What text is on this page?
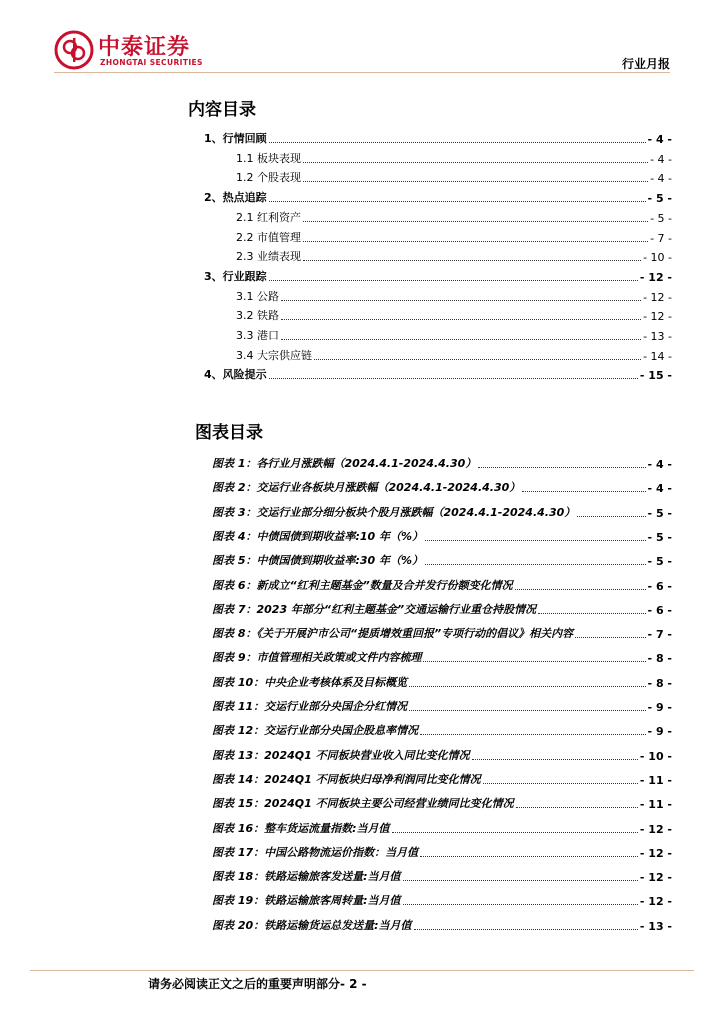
中泰证券
ZHONGTAI SECURITIES	行业月报
内容目录
1、行情回顾	- 4 -
1.1 板块表现	- 4 -
1.2 个股表现	- 4 -
2、热点追踪	- 5 -
2.1 红利资产	- 5 -
2.2 市值管理	- 7 -
2.3 业绩表现	- 10 -
3、行业跟踪	- 12 -
3.1 公路	- 12 -
3.2 铁路	- 12 -
3.3 港口	- 13 -
3.4 大宗供应链	- 14 -
4、风险提示	- 15 -
图表目录
图表 1：各行业月涨跌幅（2024.4.1-2024.4.30）	- 4 -
图表 2：交运行业各板块月涨跌幅（2024.4.1-2024.4.30）	- 4 -
图表 3：交运行业部分细分板块个股月涨跌幅（2024.4.1-2024.4.30）	- 5 -
图表 4：中债国债到期收益率:10 年（%）	- 5 -
图表 5：中债国债到期收益率:30 年（%）	- 5 -
图表 6：新成立“红利主题基金”数量及合并发行份额变化情况	- 6 -
图表 7：2023 年部分“红利主题基金”交通运输行业重仓持股情况	- 6 -
图表 8：《关于开展沪市公司“提质增效重回报”专项行动的倡议》相关内容	- 7 -
图表 9：市值管理相关政策或文件内容梳理	- 8 -
图表 10：中央企业考核体系及目标概览	- 8 -
图表 11：交运行业部分央国企分红情况	- 9 -
图表 12：交运行业部分央国企股息率情况	- 9 -
图表 13：2024Q1 不同板块营业收入同比变化情况	- 10 -
图表 14：2024Q1 不同板块归母净利润同比变化情况	- 11 -
图表 15：2024Q1 不同板块主要公司经营业绩同比变化情况	- 11 -
图表 16：整车货运流量指数:当月值	- 12 -
图表 17：中国公路物流运价指数：当月值	- 12 -
图表 18：铁路运输旅客发送量:当月值	- 12 -
图表 19：铁路运输旅客周转量:当月值	- 12 -
图表 20：铁路运输货运总发送量:当月值	- 13 -
请务必阅读正文之后的重要声明部分- 2 -
